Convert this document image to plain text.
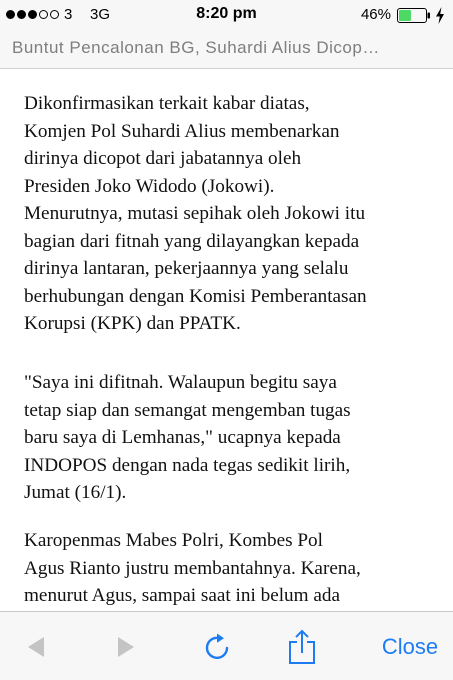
3 3G	8:20 pm	46%
Buntut Pencalonan BG, Suhardi Alius Dicop…

Dikonfirmasikan terkait kabar diatas,
Komjen Pol Suhardi Alius membenarkan
dirinya dicopot dari jabatannya oleh
Presiden Joko Widodo (Jokowi).
Menurutnya, mutasi sepihak oleh Jokowi itu
bagian dari fitnah yang dilayangkan kepada
dirinya lantaran, pekerjaannya yang selalu
berhubungan dengan Komisi Pemberantasan
Korupsi (KPK) dan PPATK.

"Saya ini difitnah. Walaupun begitu saya
tetap siap dan semangat mengemban tugas
baru saya di Lemhanas," ucapnya kepada
INDOPOS dengan nada tegas sedikit lirih,
Jumat (16/1).

Karopenmas Mabes Polri, Kombes Pol
Agus Rianto justru membantahnya. Karena,
menurut Agus, sampai saat ini belum ada

Close
